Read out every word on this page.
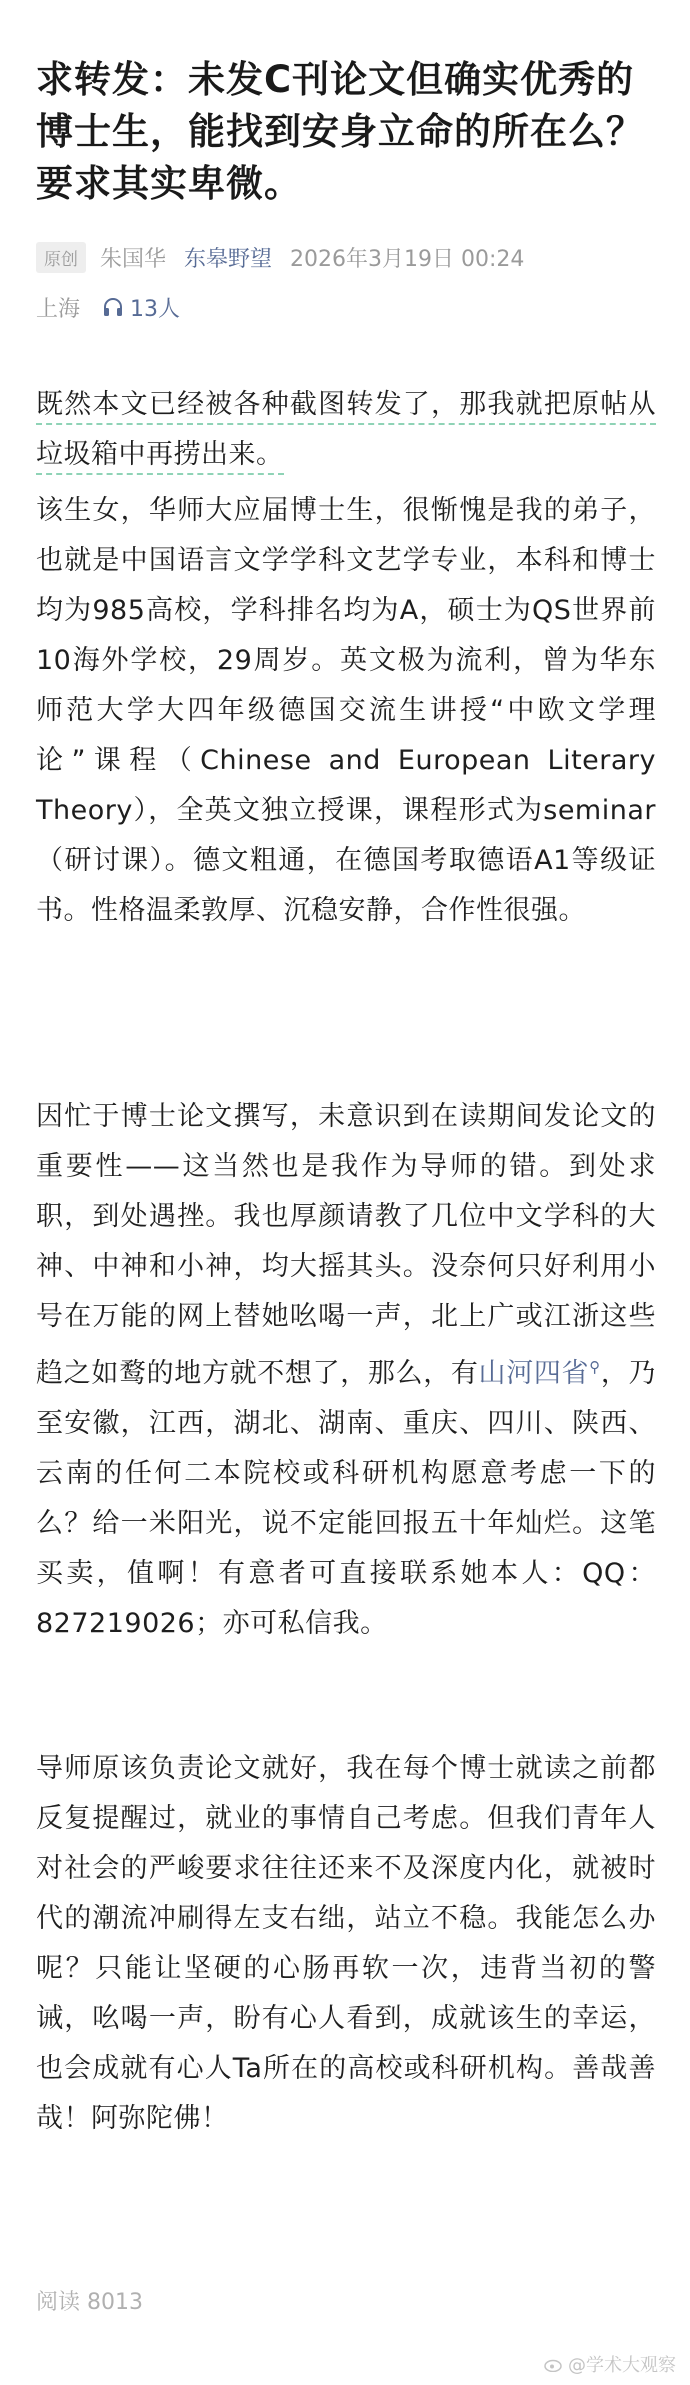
求转发：未发C刊论文但确实优秀的博士生，能找到安身立命的所在么？要求其实卑微。
原创	朱国华 东皋野望 2026年3月19日 00:24
上海 13人
既然本文已经被各种截图转发了，那我就把原帖从垃圾箱中再捞出来。
该生女，华师大应届博士生，很惭愧是我的弟子，也就是中国语言文学学科文艺学专业，本科和博士均为985高校，学科排名均为A，硕士为QS世界前10海外学校，29周岁。英文极为流利，曾为华东师范大学大四年级德国交流生讲授“中欧文学理论”课程（Chinese and European Literary Theory），全英文独立授课，课程形式为seminar（研讨课）。德文粗通，在德国考取德语A1等级证书。性格温柔敦厚、沉稳安静，合作性很强。
因忙于博士论文撰写，未意识到在读期间发论文的重要性——这当然也是我作为导师的错。到处求职，到处遇挫。我也厚颜请教了几位中文学科的大神、中神和小神，均大摇其头。没奈何只好利用小号在万能的网上替她吆喝一声，北上广或江浙这些趋之如鹜的地方就不想了，那么，有山河四省⚲，乃至安徽，江西，湖北、湖南、重庆、四川、陕西、云南的任何二本院校或科研机构愿意考虑一下的么？给一米阳光，说不定能回报五十年灿烂。这笔买卖，值啊！有意者可直接联系她本人：QQ：827219026；亦可私信我。
导师原该负责论文就好，我在每个博士就读之前都反复提醒过，就业的事情自己考虑。但我们青年人对社会的严峻要求往往还来不及深度内化，就被时代的潮流冲刷得左支右绌，站立不稳。我能怎么办呢？只能让坚硬的心肠再软一次，违背当初的警诫，吆喝一声，盼有心人看到，成就该生的幸运，也会成就有心人Ta所在的高校或科研机构。善哉善哉！阿弥陀佛！
阅读 8013
@学术大观察
